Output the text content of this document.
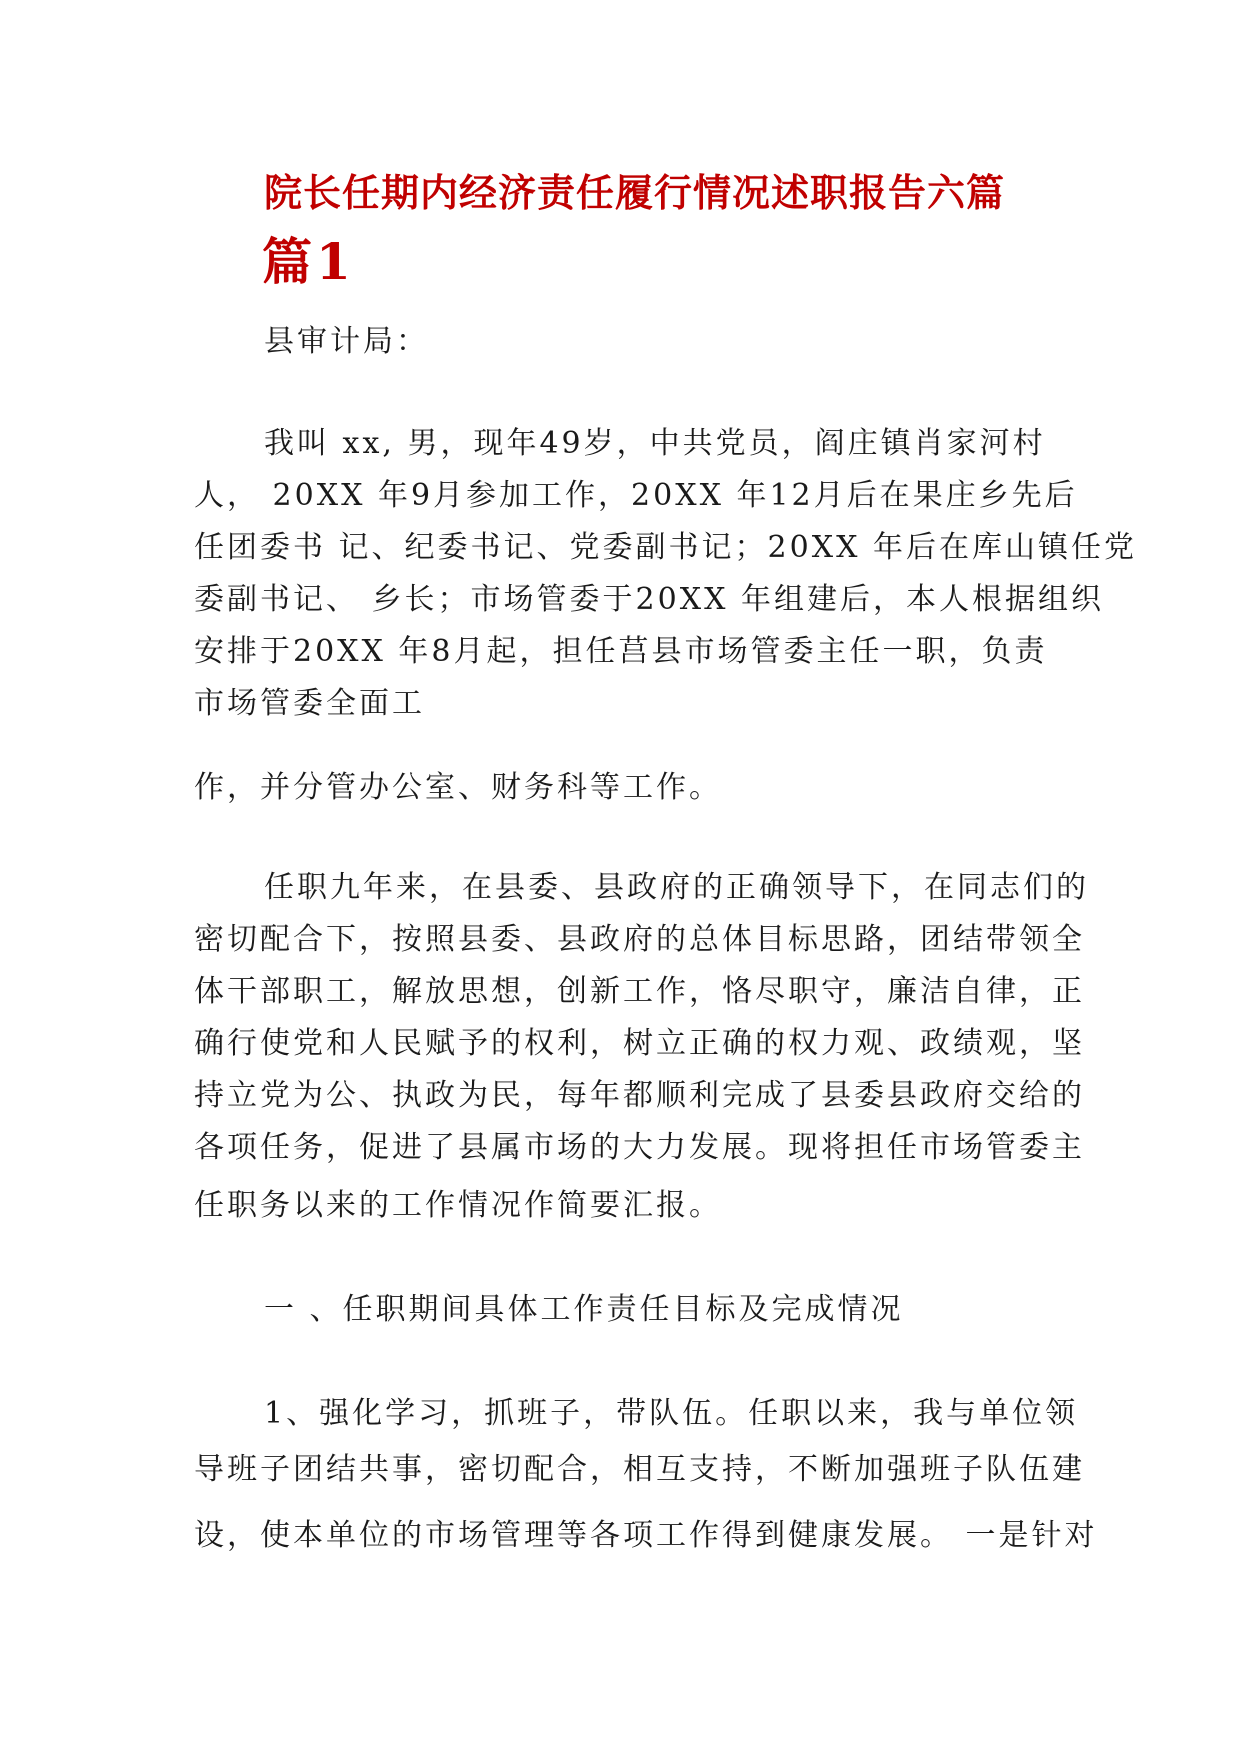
院长任期内经济责任履行情况述职报告六篇
篇1
县审计局：
我叫 xx, 男，现年49岁，中共党员，阎庄镇肖家河村
人， 20XX 年9月参加工作，20XX 年12月后在果庄乡先后
任团委书 记、纪委书记、党委副书记；20XX 年后在库山镇任党
委副书记、 乡长；市场管委于20XX 年组建后，本人根据组织
安排于20XX 年8月起，担任莒县市场管委主任一职，负责
市场管委全面工
作，并分管办公室、财务科等工作。
任职九年来，在县委、县政府的正确领导下，在同志们的
密切配合下，按照县委、县政府的总体目标思路，团结带领全
体干部职工，解放思想，创新工作，恪尽职守，廉洁自律，正
确行使党和人民赋予的权利，树立正确的权力观、政绩观，坚
持立党为公、执政为民，每年都顺利完成了县委县政府交给的
各项任务，促进了县属市场的大力发展。现将担任市场管委主
任职务以来的工作情况作简要汇报。
一 、任职期间具体工作责任目标及完成情况
1、强化学习，抓班子，带队伍。任职以来，我与单位领
导班子团结共事，密切配合，相互支持，不断加强班子队伍建
设，使本单位的市场管理等各项工作得到健康发展。 一是针对
